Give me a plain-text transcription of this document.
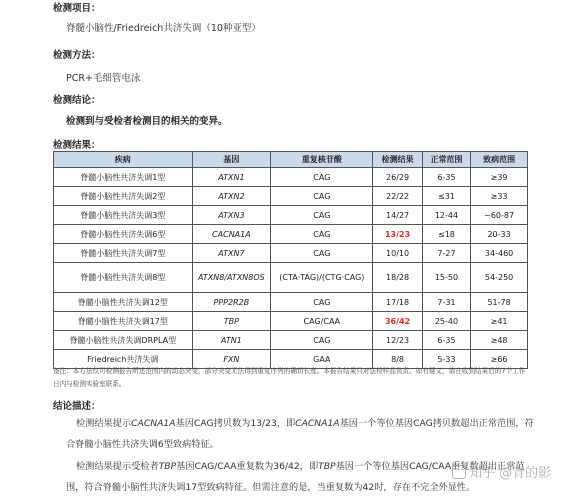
检测项目：
脊髓小脑性/Friedreich共济失调（10种亚型）
检测方法：
PCR+毛细管电泳
检测结论：
检测到与受检者检测目的相关的变异。
检测结果：
疾病	基因	重复核苷酸	检测结果	正常范围	致病范围
脊髓小脑性共济失调1型	ATXN1	CAG	26/29	6-35	≥39
脊髓小脑性共济失调2型	ATXN2	CAG	22/22	≤31	≥33
脊髓小脑性共济失调3型	ATXN3	CAG	14/27	12-44	~60-87
脊髓小脑性共济失调6型	CACNA1A	CAG	13/23	≤18	20-33
脊髓小脑性共济失调7型	ATXN7	CAG	10/10	7-27	34-460
脊髓小脑性共济失调8型	ATXN8/ATXN8OS	(CTA·TAG)/(CTG·CAG)	18/28	15-50	54-250
脊髓小脑性共济失调12型	PPP2R2B	CAG	17/18	7-31	51-78
脊髓小脑性共济失调17型	TBP	CAG/CAA	36/42	25-40	≥41
脊髓小脑性共济失调DRPLA型	ATN1	CAG	12/23	6-35	≥48
Friedreich共济失调	FXN	GAA	8/8	5-33	≥66
备注：本方法仅可检测报告所述范围内的动态突变，部分突变无法得到重复序列的确切长度。本报告结果只对送检样品负责。如有疑义，请在收到结果后的7个工作日内与检测实验室联系。
结论描述：
检测结果提示CACNA1A基因CAG拷贝数为13/23，即CACNA1A基因一个等位基因CAG拷贝数超出正常范围，符合脊髓小脑性共济失调6型致病特征。
检测结果提示受检者TBP基因CAG/CAA重复数为36/42，即TBP基因一个等位基因CAG/CAA重复数超出正常范围，符合脊髓小脑性共济失调17型致病特征。但需注意的是，当重复数为42时，存在不完全外显性。
知乎 @青的影
